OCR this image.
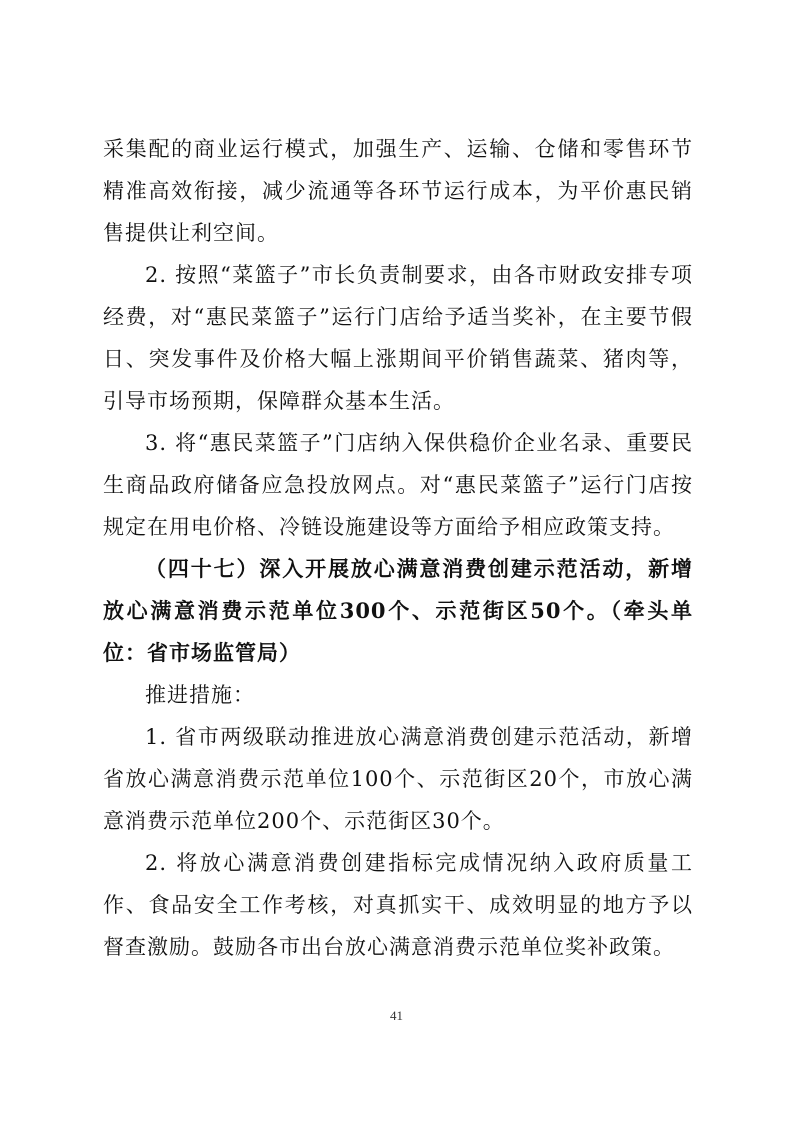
采集配的商业运行模式，加强生产、运输、仓储和零售环节精准高效衔接，减少流通等各环节运行成本，为平价惠民销售提供让利空间。

2. 按照“菜篮子”市长负责制要求，由各市财政安排专项经费，对“惠民菜篮子”运行门店给予适当奖补，在主要节假日、突发事件及价格大幅上涨期间平价销售蔬菜、猪肉等，引导市场预期，保障群众基本生活。

3. 将“惠民菜篮子”门店纳入保供稳价企业名录、重要民生商品政府储备应急投放网点。对“惠民菜篮子”运行门店按规定在用电价格、冷链设施建设等方面给予相应政策支持。

（四十七）深入开展放心满意消费创建示范活动，新增放心满意消费示范单位300个、示范街区50个。（牵头单位：省市场监管局）

推进措施：

1. 省市两级联动推进放心满意消费创建示范活动，新增省放心满意消费示范单位100个、示范街区20个，市放心满意消费示范单位200个、示范街区30个。

2. 将放心满意消费创建指标完成情况纳入政府质量工作、食品安全工作考核，对真抓实干、成效明显的地方予以督查激励。鼓励各市出台放心满意消费示范单位奖补政策。

41
